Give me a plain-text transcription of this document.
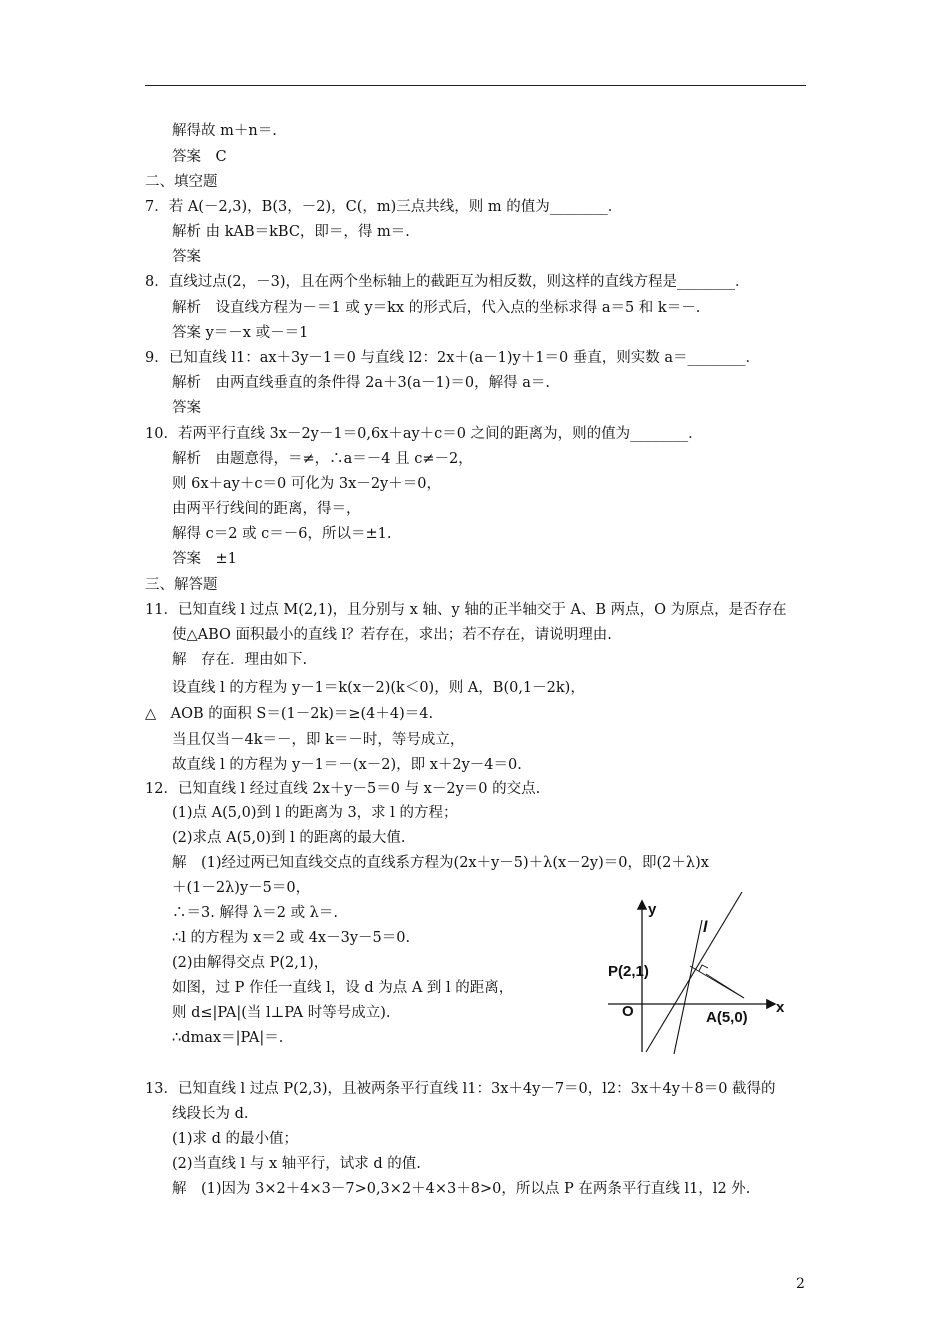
解得故 m＋n＝.
答案　C
二、填空题
7．若 A(－2,3)，B(3，－2)，C(，m)三点共线，则 m 的值为________．
解析 由 kAB＝kBC，即＝，得 m＝.
答案
8．直线过点(2，－3)，且在两个坐标轴上的截距互为相反数，则这样的直线方程是________．
解析　设直线方程为－＝1 或 y＝kx 的形式后，代入点的坐标求得 a＝5 和 k＝－.
答案 y＝－x 或－＝1
9．已知直线 l1：ax＋3y－1＝0 与直线 l2：2x＋(a－1)y＋1＝0 垂直，则实数 a＝________．
解析　由两直线垂直的条件得 2a＋3(a－1)＝0，解得 a＝.
答案
10．若两平行直线 3x－2y－1＝0,6x＋ay＋c＝0 之间的距离为，则的值为________．
解析　由题意得，＝≠，∴a＝－4 且 c≠－2，
则 6x＋ay＋c＝0 可化为 3x－2y＋＝0，
由两平行线间的距离，得＝，
解得 c＝2 或 c＝－6，所以＝±1.
答案　±1
三、解答题
11．已知直线 l 过点 M(2,1)，且分别与 x 轴、y 轴的正半轴交于 A、B 两点，O 为原点，是否存在
使△ABO 面积最小的直线 l？若存在，求出；若不存在，请说明理由.
解　存在．理由如下.
设直线 l 的方程为 y－1＝k(x－2)(k＜0)，则 A，B(0,1－2k)，
△　AOB 的面积 S＝(1－2k)＝≥(4＋4)＝4.
当且仅当－4k＝－，即 k＝－时，等号成立，
故直线 l 的方程为 y－1＝－(x－2)，即 x＋2y－4＝0.
12．已知直线 l 经过直线 2x＋y－5＝0 与 x－2y＝0 的交点.
(1)点 A(5,0)到 l 的距离为 3，求 l 的方程；
(2)求点 A(5,0)到 l 的距离的最大值.
解　(1)经过两已知直线交点的直线系方程为(2x＋y－5)＋λ(x－2y)＝0，即(2＋λ)x
＋(1－2λ)y－5＝0，
∴＝3. 解得 λ＝2 或 λ＝.
∴l 的方程为 x＝2 或 4x－3y－5＝0.
(2)由解得交点 P(2,1)，
如图，过 P 作任一直线 l，设 d 为点 A 到 l 的距离，
则 d≤|PA|(当 l⊥PA 时等号成立).
∴dmax＝|PA|＝.
13．已知直线 l 过点 P(2,3)，且被两条平行直线 l1：3x＋4y－7＝0，l2：3x＋4y＋8＝0 截得的
线段长为 d.
(1)求 d 的最小值；
(2)当直线 l 与 x 轴平行，试求 d 的值.
解　(1)因为 3×2＋4×3－7>0,3×2＋4×3＋8>0，所以点 P 在两条平行直线 l1，l2 外.
y
x
l
P(2,1)
O	A(5,0)
2
